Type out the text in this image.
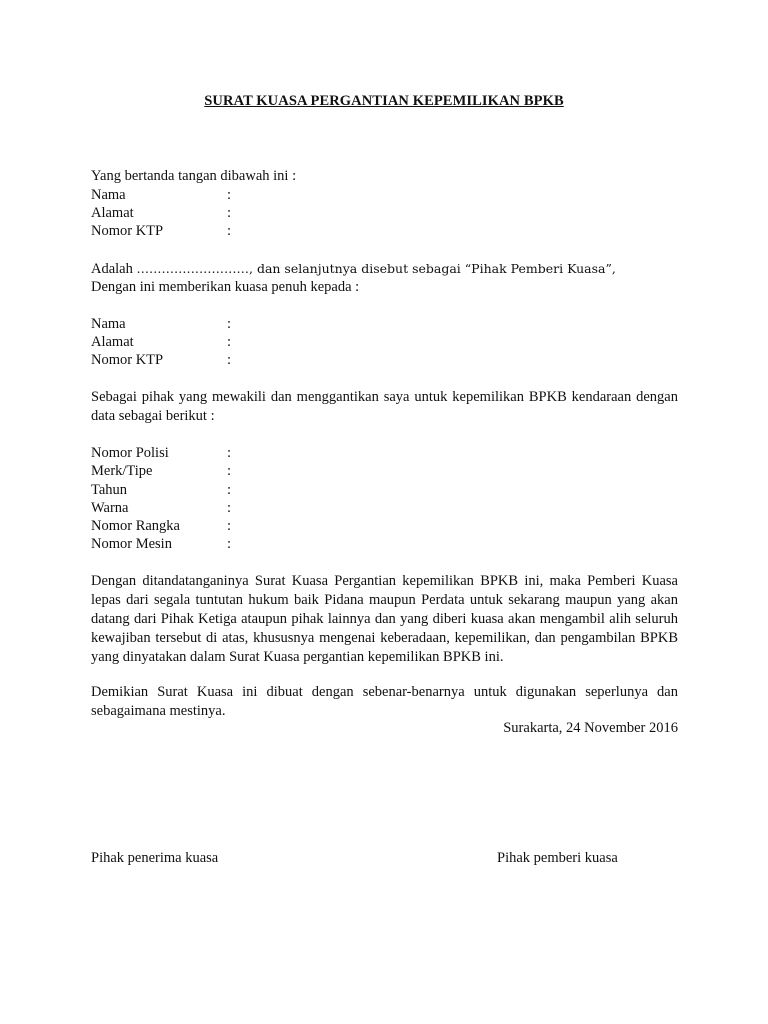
SURAT KUASA PERGANTIAN KEPEMILIKAN BPKB
Yang bertanda tangan dibawah ini :
Nama	:
Alamat	:
Nomor KTP	:
Adalah ………………………, dan selanjutnya disebut sebagai “Pihak Pemberi Kuasa”,
Dengan ini memberikan kuasa penuh kepada :
Nama	:
Alamat	:
Nomor KTP	:
Sebagai pihak yang mewakili dan menggantikan saya untuk kepemilikan BPKB kendaraan dengan data sebagai berikut :
Nomor Polisi	:
Merk/Tipe	:
Tahun	:
Warna	:
Nomor Rangka	:
Nomor Mesin	:
Dengan ditandatanganinya Surat Kuasa Pergantian kepemilikan BPKB ini, maka Pemberi Kuasa lepas dari segala tuntutan hukum baik Pidana maupun Perdata untuk sekarang maupun yang akan datang dari Pihak Ketiga ataupun pihak lainnya dan yang diberi kuasa akan mengambil alih seluruh kewajiban tersebut di atas, khususnya mengenai keberadaan, kepemilikan, dan pengambilan BPKB yang dinyatakan dalam Surat Kuasa pergantian kepemilikan BPKB ini.
Demikian Surat Kuasa ini dibuat dengan sebenar-benarnya untuk digunakan seperlunya dan sebagaimana mestinya.
Surakarta, 24 November 2016
Pihak penerima kuasa	Pihak pemberi kuasa
